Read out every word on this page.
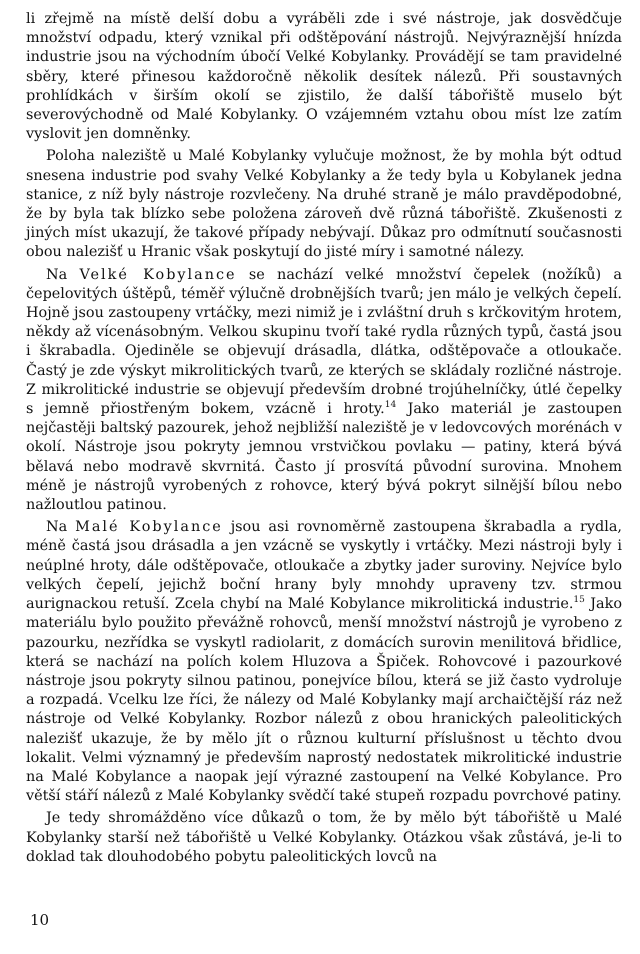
li zřejmě na místě delší dobu a vyráběli zde i své nástroje, jak dosvědčuje množství odpadu, který vznikal při odštěpování nástrojů. Nejvýraznější hnízda industrie jsou na východním úbočí Velké Kobylanky. Provádějí se tam pravidelné sběry, které přinesou každoročně několik desítek nálezů. Při soustavných prohlídkách v širším okolí se zjistilo, že další tábořiště muselo být severovýchodně od Malé Kobylanky. O vzájemném vztahu obou míst lze zatím vyslovit jen domněnky.

Poloha naleziště u Malé Kobylanky vylučuje možnost, že by mohla být odtud snesena industrie pod svahy Velké Kobylanky a že tedy byla u Kobylanek jedna stanice, z níž byly nástroje rozvlečeny. Na druhé straně je málo pravděpodobné, že by byla tak blízko sebe položena zároveň dvě různá tábořiště. Zkušenosti z jiných míst ukazují, že takové případy nebývají. Důkaz pro odmítnutí současnosti obou nalezišť u Hranic však poskytují do jisté míry i samotné nálezy.

Na Velké Kobylance se nachází velké množství čepelek (nožíků) a čepelovitých úštěpů, téměř výlučně drobnějších tvarů; jen málo je velkých čepelí. Hojně jsou zastoupeny vrtáčky, mezi nimiž je i zvláštní druh s krčkovitým hrotem, někdy až vícenásobným. Velkou skupinu tvoří také rydla různých typů, častá jsou i škrabadla. Ojediněle se objevují drásadla, dlátka, odštěpovače a otloukače. Častý je zde výskyt mikrolitických tvarů, ze kterých se skládaly rozličné nástroje. Z mikrolitické industrie se objevují především drobné trojúhelníčky, útlé čepelky s jemně přiostřeným bokem, vzácně i hroty.$^{14}$ Jako materiál je zastoupen nejčastěji baltský pazourek, jehož nejbližší naleziště je v ledovcových morénách v okolí. Nástroje jsou pokryty jemnou vrstvičkou povlaku — patiny, která bývá bělavá nebo modravě skvrnitá. Často jí prosvítá původní surovina. Mnohem méně je nástrojů vyrobených z rohovce, který bývá pokryt silnější bílou nebo nažloutlou patinou.

Na Malé Kobylance jsou asi rovnoměrně zastoupena škrabadla a rydla, méně častá jsou drásadla a jen vzácně se vyskytly i vrtáčky. Mezi nástroji byly i neúplné hroty, dále odštěpovače, otloukače a zbytky jader suroviny. Nejvíce bylo velkých čepelí, jejichž boční hrany byly mnohdy upraveny tzv. strmou aurignackou retuší. Zcela chybí na Malé Kobylance mikrolitická industrie.$^{15}$ Jako materiálu bylo použito převážně rohovců, menší množství nástrojů je vyrobeno z pazourku, nezřídka se vyskytl radiolarit, z domácích surovin menilitová břidlice, která se nachází na polích kolem Hluzova a Špiček. Rohovcové i pazourkové nástroje jsou pokryty silnou patinou, ponejvíce bílou, která se již často vydroluje a rozpadá. Vcelku lze říci, že nálezy od Malé Kobylanky mají archaičtější ráz než nástroje od Velké Kobylanky. Rozbor nálezů z obou hranických paleolitických nalezišť ukazuje, že by mělo jít o různou kulturní příslušnost u těchto dvou lokalit. Velmi významný je především naprostý nedostatek mikrolitické industrie na Malé Kobylance a naopak její výrazné zastoupení na Velké Kobylance. Pro větší stáří nálezů z Malé Kobylanky svědčí také stupeň rozpadu povrchové patiny.

Je tedy shromážděno více důkazů o tom, že by mělo být tábořiště u Malé Kobylanky starší než tábořiště u Velké Kobylanky. Otázkou však zůstává, je-li to doklad tak dlouhodobého pobytu paleolitických lovců na

10
